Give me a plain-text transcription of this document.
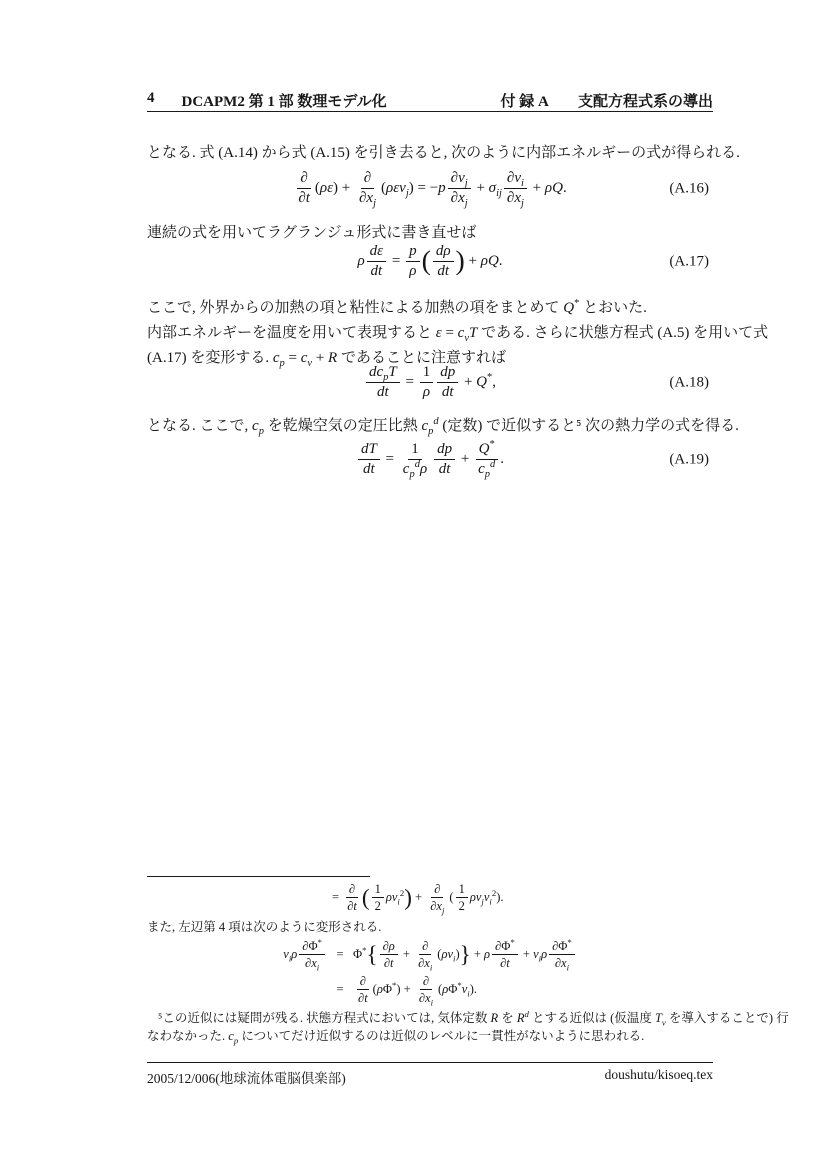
4 DCAPM2 第 1 部 数理モデル化	付 録 A　　支配方程式系の導出
となる. 式 (A.14) から式 (A.15) を引き去ると, 次のように内部エネルギーの式が得られる.
$\frac{\partial}{\partial t} (\rho\varepsilon) + \frac{\partial}{\partial x_j} (\rho\varepsilon v_j) = -p \frac{\partial v_j}{\partial x_j} + \sigma_{ij} \frac{\partial v_i}{\partial x_j} + \rho Q$.	(A.16)
連続の式を用いてラグランジュ形式に書き直せば
ρ $\frac{d\varepsilon}{dt} = \frac{p}{\rho}$ ( $\frac{d\rho}{dt}$ ) + ρQ.	(A.17)
ここで, 外界からの加熱の項と粘性による加熱の項をまとめて Q* とおいた.
内部エネルギーを温度を用いて表現すると $\varepsilon = c_vT$ である. さらに状態方程式 (A.5) を用いて式
(A.17) を変形する. $c_p = c_v + R$ であることに注意すれば
$\frac{dc_pT}{dt} = \frac{1}{\rho} \frac{dp}{dt} + Q^*$,	(A.18)
となる. ここで, $c_p$ を乾燥空気の定圧比熱 $c_p^d$ (定数) で近似すると⁵ 次の熱力学の式を得る.
$\frac{dT}{dt} = \frac{1}{c_p^d\rho} \frac{dp}{dt} + \frac{Q^*}{c_p^d}$ .	(A.19)
= $\frac{\partial}{\partial t}$ ( $\frac{1}{2} \rho v_i^2) + \frac{\partial}{\partial x_j}$ ( $\frac{1}{2} \rho v_jv_i^2$).
また, 左辺第 4 項は次のように変形される.
$v_i\rho \frac{\partial\Phi^*}{\partial x_i} = \Phi^*\{ \frac{\partial\rho}{\partial t} + \frac{\partial}{\partial x_i} (\rho v_i)\} + \rho \frac{\partial\Phi^*}{\partial t} + v_i\rho \frac{\partial\Phi^*}{\partial x_i}$
= $\frac{\partial}{\partial t} (\rho\Phi^*) + \frac{\partial}{\partial x_i} (\rho\Phi^*v_i)$.
⁵この近似には疑問が残る. 状態方程式においては, 気体定数 R を $R^d$ とする近似は (仮温度 $T_v$ を導入することで) 行
なわなかった. $c_p$ についてだけ近似するのは近似のレベルに一貫性がないように思われる.
2005/12/006(地球流体電脳倶楽部)	doushutu/kisoeq.tex
